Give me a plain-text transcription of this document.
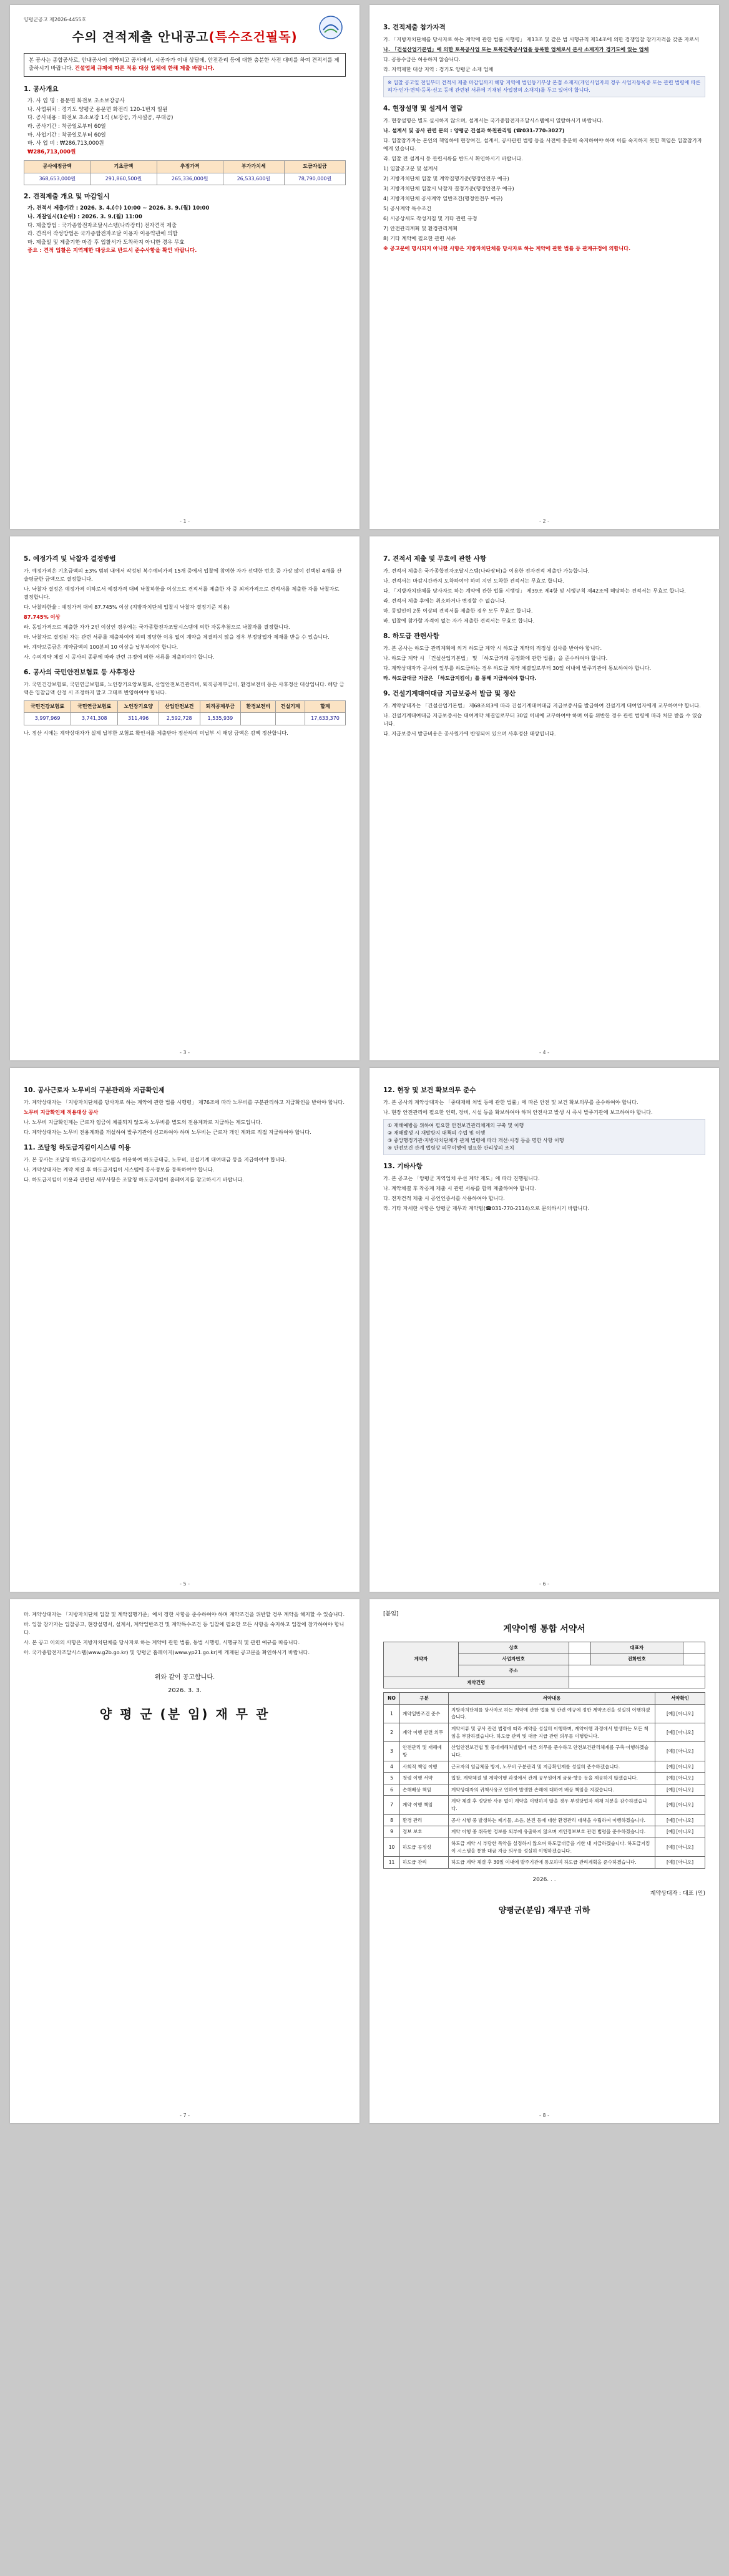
양평군공고 제2026-4455호
수의 견적제출 안내공고(특수조건필독)
본 공사는 종합공사로, 안내공사이 계약되고 공사에서, 시공자가 이내 상담에, 안전관리 등에 대한 충분한 사전 대비를 하여 견적서를 제출하시기 바랍니다. 건설업체 규제에 따른 적용 대상 업체에 한해 제출 바랍니다.
1. 공사개요
가. 사 업 명 : 용문면 화전보 초소보강공사
나. 사업위치 : 경기도 양평군 용문면 화전리 120-1번지 일원
다. 공사내용 : 화전보 초소보강 1식 (보강공, 가시설공, 부대공)
라. 공사기간 : 착공일로부터 60일
마. 사업기간 : 착공일로부터 60일
바. 사 업 비 : ₩286,713,000원
₩286,713,000원
공사예정금액	기초금액	추정가격	부가가치세	도급자설금
368,653,000원	291,860,500원	265,336,000원	26,533,600원	78,790,000원
2. 견적제출 개요 및 마감일시
가. 견적서 제출기간 : 2026. 3. 4.(수) 10:00 ~ 2026. 3. 9.(월) 10:00
나. 개찰일시(1순위) : 2026. 3. 9.(월) 11:00
다. 제출방법 : 국가종합전자조달시스템(나라장터) 전자견적 제출
라. 견적서 작성방법은 국가종합전자조달 이용자 이용약관에 의함
마. 제출일 및 제출기한 마감 후 입찰서가 도착하지 아니한 경우 무효
중요 : 견적 입찰은 지역제한 대상으로 반드시 준수사항을 확인 바랍니다.
- 1 -
3. 견적제출 참가자격
가. 「지방자치단체를 당사자로 하는 계약에 관한 법률 시행령」 제13조 및 같은 법 시행규칙 제14조에 의한 경쟁입찰 참가자격을 갖춘 자로서
나. 「건설산업기본법」에 의한 토목공사업 또는 토목건축공사업을 등록한 업체로서 본사 소재지가 경기도에 있는 업체
다. 공동수급은 허용하지 않습니다.
라. 지역제한 대상 지역 : 경기도 양평군 소재 업체
※ 입찰 공고일 전일부터 견적서 제출 마감일까지 해당 지역에 법인등기부상 본점 소재지(개인사업자의 경우 사업자등록증 또는 관련 법령에 따른 허가·인가·면허·등록·신고 등에 관련된 서류에 기재된 사업장의 소재지)를 두고 있어야 합니다.
4. 현장설명 및 설계서 열람
가. 현장설명은 별도 실시하지 않으며, 설계서는 국가종합전자조달시스템에서 열람하시기 바랍니다.
나. 설계서 및 공사 관련 문의 : 양평군 건설과 하천관리팀 (☎031-770-3027)
다. 입찰참가자는 본인의 책임하에 현장여건, 설계서, 공사관련 법령 등을 사전에 충분히 숙지하여야 하며 이를 숙지하지 못한 책임은 입찰참가자에게 있습니다.
라. 입찰 전 설계서 등 관련서류를 반드시 확인하시기 바랍니다.
1) 입찰공고문 및 설계서
2) 지방자치단체 입찰 및 계약집행기준(행정안전부 예규)
3) 지방자치단체 입찰시 낙찰자 결정기준(행정안전부 예규)
4) 지방자치단체 공사계약 일반조건(행정안전부 예규)
5) 공사계약 특수조건
6) 시공상세도 작성지침 및 기타 관련 규정
7) 안전관리계획 및 환경관리계획
8) 기타 계약에 필요한 관련 서류
※ 공고문에 명시되지 아니한 사항은 지방자치단체를 당사자로 하는 계약에 관한 법률 등 관계규정에 의합니다.
- 2 -
5. 예정가격 및 낙찰자 결정방법
가. 예정가격은 기초금액의 ±3% 범위 내에서 작성된 복수예비가격 15개 중에서 입찰에 참여한 자가 선택한 번호 중 가장 많이 선택된 4개를 산술평균한 금액으로 결정합니다.
나. 낙찰자 결정은 예정가격 이하로서 예정가격 대비 낙찰하한율 이상으로 견적서를 제출한 자 중 최저가격으로 견적서를 제출한 자를 낙찰자로 결정합니다.
다. 낙찰하한율 : 예정가격 대비 87.745% 이상 (지방자치단체 입찰시 낙찰자 결정기준 적용)
87.745% 이상
라. 동일가격으로 제출한 자가 2인 이상인 경우에는 국가종합전자조달시스템에 의한 자동추첨으로 낙찰자를 결정합니다.
마. 낙찰자로 결정된 자는 관련 서류를 제출하여야 하며 정당한 이유 없이 계약을 체결하지 않을 경우 부정당업자 제재를 받을 수 있습니다.
바. 계약보증금은 계약금액의 100분의 10 이상을 납부하여야 합니다.
사. 수의계약 체결 시 공사의 종류에 따라 관련 규정에 의한 서류를 제출하여야 합니다.
6. 공사의 국민안전보험료 등 사후정산
가. 국민건강보험료, 국민연금보험료, 노인장기요양보험료, 산업안전보건관리비, 퇴직공제부금비, 환경보전비 등은 사후정산 대상입니다. 해당 금액은 입찰금액 산정 시 조정하지 말고 그대로 반영하여야 합니다.
국민건강보험료	국민연금보험료	노인장기요양	산업안전보건	퇴직공제부금	환경보전비	건설기계	합계
3,997,969	3,741,308	311,496	2,592,728	1,535,939			17,633,370
나. 정산 시에는 계약상대자가 실제 납부한 보험료 확인서를 제출받아 정산하며 미납부 시 해당 금액은 감액 정산합니다.
- 3 -
7. 견적서 제출 및 무효에 관한 사항
가. 견적서 제출은 국가종합전자조달시스템(나라장터)을 이용한 전자견적 제출만 가능합니다.
나. 견적서는 마감시간까지 도착하여야 하며 지연 도착한 견적서는 무효로 합니다.
다. 「지방자치단체를 당사자로 하는 계약에 관한 법률 시행령」 제39조 제4항 및 시행규칙 제42조에 해당하는 견적서는 무효로 합니다.
라. 견적서 제출 후에는 취소하거나 변경할 수 없습니다.
마. 동일인이 2통 이상의 견적서를 제출한 경우 모두 무효로 합니다.
바. 입찰에 참가할 자격이 없는 자가 제출한 견적서는 무효로 합니다.
8. 하도급 관련사항
가. 본 공사는 하도급 관리계획에 의거 하도급 계약 시 하도급 계약의 적정성 심사를 받아야 합니다.
나. 하도급 계약 시 「건설산업기본법」 및 「하도급거래 공정화에 관한 법률」을 준수하여야 합니다.
다. 계약상대자가 공사의 일부를 하도급하는 경우 하도급 계약 체결일로부터 30일 이내에 발주기관에 통보하여야 합니다.
라. 하도급대금 지급은 「하도급지킴이」를 통해 지급하여야 합니다.
9. 건설기계대여대금 지급보증서 발급 및 정산
가. 계약상대자는 「건설산업기본법」 제68조의3에 따라 건설기계대여대금 지급보증서를 발급하여 건설기계 대여업자에게 교부하여야 합니다.
나. 건설기계대여대금 지급보증서는 대여계약 체결일로부터 30일 이내에 교부하여야 하며 이를 위반한 경우 관련 법령에 따라 처분 받을 수 있습니다.
다. 지급보증서 발급비용은 공사원가에 반영되어 있으며 사후정산 대상입니다.
- 4 -
10. 공사근로자 노무비의 구분관리와 지급확인제
가. 계약상대자는 「지방자치단체를 당사자로 하는 계약에 관한 법률 시행령」 제76조에 따라 노무비를 구분관리하고 지급확인을 받아야 합니다.
노무비 지급확인제 적용대상 공사
나. 노무비 지급확인제는 근로자 임금이 체불되지 않도록 노무비를 별도의 전용계좌로 지급하는 제도입니다.
다. 계약상대자는 노무비 전용계좌를 개설하여 발주기관에 신고하여야 하며 노무비는 근로자 개인 계좌로 직접 지급하여야 합니다.
11. 조달청 하도급지킴이시스템 이용
가. 본 공사는 조달청 하도급지킴이시스템을 이용하여 하도급대금, 노무비, 건설기계 대여대금 등을 지급하여야 합니다.
나. 계약상대자는 계약 체결 후 하도급지킴이 시스템에 공사정보를 등록하여야 합니다.
다. 하도급지킴이 이용과 관련된 세부사항은 조달청 하도급지킴이 홈페이지를 참고하시기 바랍니다.
- 5 -
12. 현장 및 보건 확보의무 준수
가. 본 공사의 계약상대자는 「중대재해 처벌 등에 관한 법률」에 따른 안전 및 보건 확보의무를 준수하여야 합니다.
나. 현장 안전관리에 필요한 인력, 장비, 시설 등을 확보하여야 하며 안전사고 발생 시 즉시 발주기관에 보고하여야 합니다.
① 재해예방을 위하여 필요한 안전보건관리체계의 구축 및 이행
② 재해발생 시 재발방지 대책의 수립 및 이행
③ 중앙행정기관·지방자치단체가 관계 법령에 따라 개선·시정 등을 명한 사항 이행
④ 안전보건 관계 법령상 의무이행에 필요한 관리상의 조치
13. 기타사항
가. 본 공고는 「양평군 지역업체 우선 계약 제도」에 따라 진행됩니다.
나. 계약체결 후 착공계 제출 시 관련 서류를 함께 제출하여야 합니다.
다. 전자견적 제출 시 공인인증서를 사용하여야 합니다.
라. 기타 자세한 사항은 양평군 재무과 계약팀(☎031-770-2114)으로 문의하시기 바랍니다.
- 6 -
마. 계약상대자는 「지방자치단체 입찰 및 계약집행기준」에서 정한 사항을 준수하여야 하며 계약조건을 위반할 경우 계약을 해지할 수 있습니다.
바. 입찰 참가자는 입찰공고, 현장설명서, 설계서, 계약일반조건 및 계약특수조건 등 입찰에 필요한 모든 사항을 숙지하고 입찰에 참가하여야 합니다.
사. 본 공고 이외의 사항은 지방자치단체를 당사자로 하는 계약에 관한 법률, 동법 시행령, 시행규칙 및 관련 예규를 따릅니다.
아. 국가종합전자조달시스템(www.g2b.go.kr) 및 양평군 홈페이지(www.yp21.go.kr)에 게재된 공고문을 확인하시기 바랍니다.
위와 같이 공고합니다.
2026. 3. 3.
양 평 군 (분 임) 재 무 관
- 7 -
[붙임]
계약이행 통합 서약서
계약자	상호		대표자	
	사업자번호		전화번호	
	주소			
계약건명				
NO	구분	서약내용	서약확인
1	계약일반조건 준수	지방자치단체를 당사자로 하는 계약에 관한 법률 및 관련 예규에 정한 계약조건을 성실히 이행하겠습니다.	[예] [아니오]
2	계약 이행 관련 의무	계약서류 및 공사 관련 법령에 따라 계약을 성실히 이행하며, 계약이행 과정에서 발생하는 모든 책임을 부담하겠습니다. 하도급 관리 및 대금 지급 관련 의무를 이행합니다.	[예] [아니오]
3	안전관리 및 재해예방	산업안전보건법 및 중대재해처벌법에 따른 의무를 준수하고 안전보건관리체계를 구축·이행하겠습니다.	[예] [아니오]
4	사회적 책임 이행	근로자의 임금체불 방지, 노무비 구분관리 및 지급확인제를 성실히 준수하겠습니다.	[예] [아니오]
5	청렴 이행 서약	입찰, 계약체결 및 계약이행 과정에서 관계 공무원에게 금품·향응 등을 제공하지 않겠습니다.	[예] [아니오]
6	손해배상 책임	계약상대자의 귀책사유로 인하여 발생한 손해에 대하여 배상 책임을 지겠습니다.	[예] [아니오]
7	계약 이행 책임	계약 체결 후 정당한 사유 없이 계약을 이행하지 않을 경우 부정당업자 제재 처분을 감수하겠습니다.	[예] [아니오]
8	환경 관리	공사 시행 중 발생하는 폐기물, 소음, 분진 등에 대한 환경관리 대책을 수립하여 이행하겠습니다.	[예] [아니오]
9	정보 보호	계약 이행 중 취득한 정보를 외부에 유출하지 않으며 개인정보보호 관련 법령을 준수하겠습니다.	[예] [아니오]
10	하도급 공정성	하도급 계약 시 부당한 특약을 설정하지 않으며 하도급대금을 기한 내 지급하겠습니다. 하도급지킴이 시스템을 통한 대금 지급 의무를 성실히 이행하겠습니다.	[예] [아니오]
11	하도급 관리	하도급 계약 체결 후 30일 이내에 발주기관에 통보하며 하도급 관리계획을 준수하겠습니다.	[예] [아니오]
2026. . .
계약상대자 : 대표 (인)
양평군(분임) 재무관 귀하
- 8 -
